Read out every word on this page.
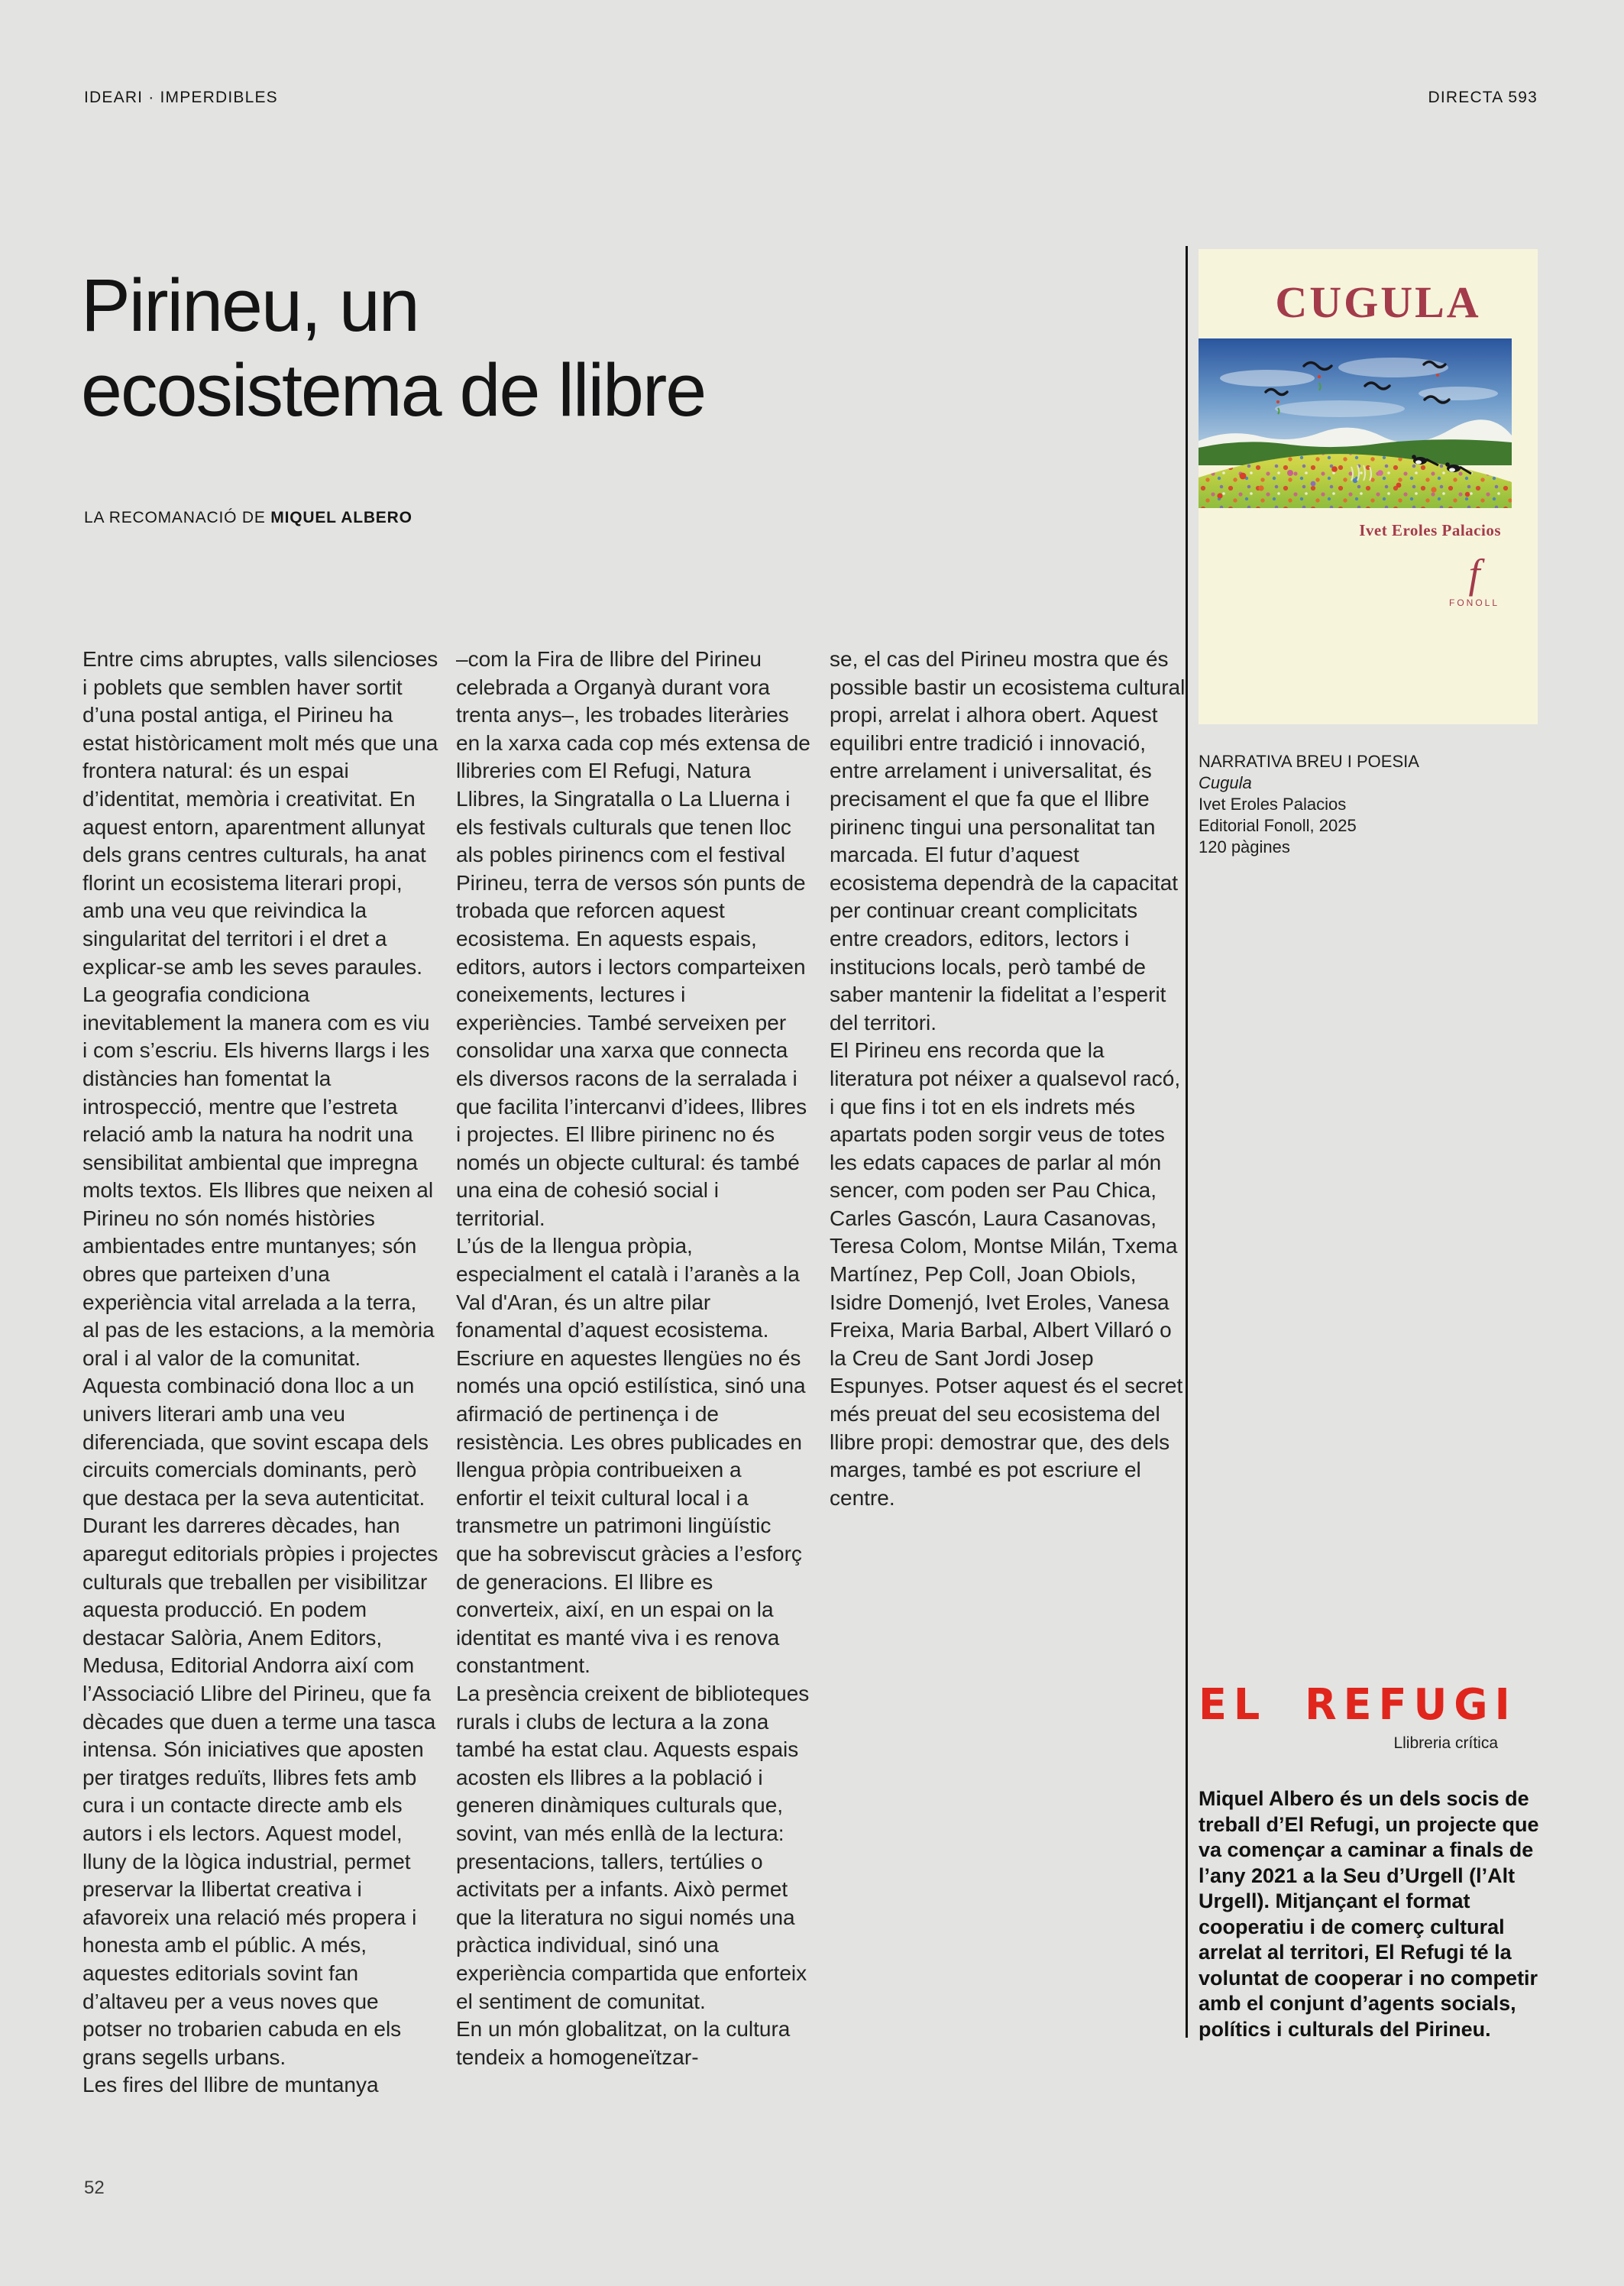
IDEARI · IMPERDIBLES	DIRECTA 593
Pirineu, un
ecosistema de llibre
LA RECOMANACIÓ DE MIQUEL ALBERO

Entre cims abruptes, valls silencioses i poblets que semblen haver sortit d’una postal antiga, el Pirineu ha estat històricament molt més que una frontera natural: és un espai d’identitat, memòria i creativitat. En aquest entorn, aparentment allunyat dels grans centres culturals, ha anat florint un ecosistema literari propi, amb una veu que reivindica la singularitat del territori i el dret a explicar-se amb les seves paraules.

La geografia condiciona inevitablement la manera com es viu i com s’escriu. Els hiverns llargs i les distàncies han fomentat la introspecció, mentre que l’estreta relació amb la natura ha nodrit una sensibilitat ambiental que impregna molts textos. Els llibres que neixen al Pirineu no són només històries ambientades entre muntanyes; són obres que parteixen d’una experiència vital arrelada a la terra, al pas de les estacions, a la memòria oral i al valor de la comunitat. Aquesta combinació dona lloc a un univers literari amb una veu diferenciada, que sovint escapa dels circuits comercials dominants, però que destaca per la seva autenticitat. Durant les darreres dècades, han aparegut editorials pròpies i projectes culturals que treballen per visibilitzar aquesta producció. En podem destacar Salòria, Anem Editors, Medusa, Editorial Andorra així com l’Associació Llibre del Pirineu, que fa dècades que duen a terme una tasca intensa. Són iniciatives que aposten per tiratges reduïts, llibres fets amb cura i un contacte directe amb els autors i els lectors. Aquest model, lluny de la lògica industrial, permet preservar la llibertat creativa i afavoreix una relació més propera i honesta amb el públic. A més, aquestes editorials sovint fan d’altaveu per a veus noves que potser no trobarien cabuda en els grans segells urbans.

Les fires del llibre de muntanya

–com la Fira de llibre del Pirineu celebrada a Organyà durant vora trenta anys–, les trobades literàries en la xarxa cada cop més extensa de llibreries com El Refugi, Natura Llibres, la Singratalla o La Lluerna i els festivals culturals que tenen lloc als pobles pirinencs com el festival Pirineu, terra de versos són punts de trobada que reforcen aquest ecosistema. En aquests espais, editors, autors i lectors comparteixen coneixements, lectures i experiències. També serveixen per consolidar una xarxa que connecta els diversos racons de la serralada i que facilita l’intercanvi d’idees, llibres i projectes. El llibre pirinenc no és només un objecte cultural: és també una eina de cohesió social i territorial.

L’ús de la llengua pròpia, especialment el català i l’aranès a la Val d'Aran, és un altre pilar fonamental d’aquest ecosistema. Escriure en aquestes llengües no és només una opció estilística, sinó una afirmació de pertinença i de resistència. Les obres publicades en llengua pròpia contribueixen a enfortir el teixit cultural local i a transmetre un patrimoni lingüístic que ha sobreviscut gràcies a l’esforç de generacions. El llibre es converteix, així, en un espai on la identitat es manté viva i es renova constantment.

La presència creixent de biblioteques rurals i clubs de lectura a la zona també ha estat clau. Aquests espais acosten els llibres a la població i generen dinàmiques culturals que, sovint, van més enllà de la lectura: presentacions, tallers, tertúlies o activitats per a infants. Això permet que la literatura no sigui només una pràctica individual, sinó una experiència compartida que enforteix el sentiment de comunitat.

En un món globalitzat, on la cultura tendeix a homogeneïtzar-

se, el cas del Pirineu mostra que és possible bastir un ecosistema cultural propi, arrelat i alhora obert. Aquest equilibri entre tradició i innovació, entre arrelament i universalitat, és precisament el que fa que el llibre pirinenc tingui una personalitat tan marcada. El futur d’aquest ecosistema dependrà de la capacitat per continuar creant complicitats entre creadors, editors, lectors i institucions locals, però també de saber mantenir la fidelitat a l’esperit del territori.

El Pirineu ens recorda que la literatura pot néixer a qualsevol racó, i que fins i tot en els indrets més apartats poden sorgir veus de totes les edats capaces de parlar al món sencer, com poden ser Pau Chica, Carles Gascón, Laura Casanovas, Teresa Colom, Montse Milán, Txema Martínez, Pep Coll, Joan Obiols, Isidre Domenjó, Ivet Eroles, Vanesa Freixa, Maria Barbal, Albert Villaró o la Creu de Sant Jordi Josep Espunyes. Potser aquest és el secret més preuat del seu ecosistema del llibre propi: demostrar que, des dels marges, també es pot escriure el centre.

CUGULA
Ivet Eroles Palacios
f
FONOLL
NARRATIVA BREU I POESIA
Cugula
Ivet Eroles Palacios
Editorial Fonoll, 2025
120 pàgines
EL REFUGI
Llibreria crítica
Miquel Albero és un dels socis de treball d’El Refugi, un projecte que va començar a caminar a finals de l’any 2021 a la Seu d’Urgell (l’Alt Urgell). Mitjançant el format cooperatiu i de comerç cultural arrelat al territori, El Refugi té la voluntat de cooperar i no competir amb el conjunt d’agents socials, polítics i culturals del Pirineu.
52
